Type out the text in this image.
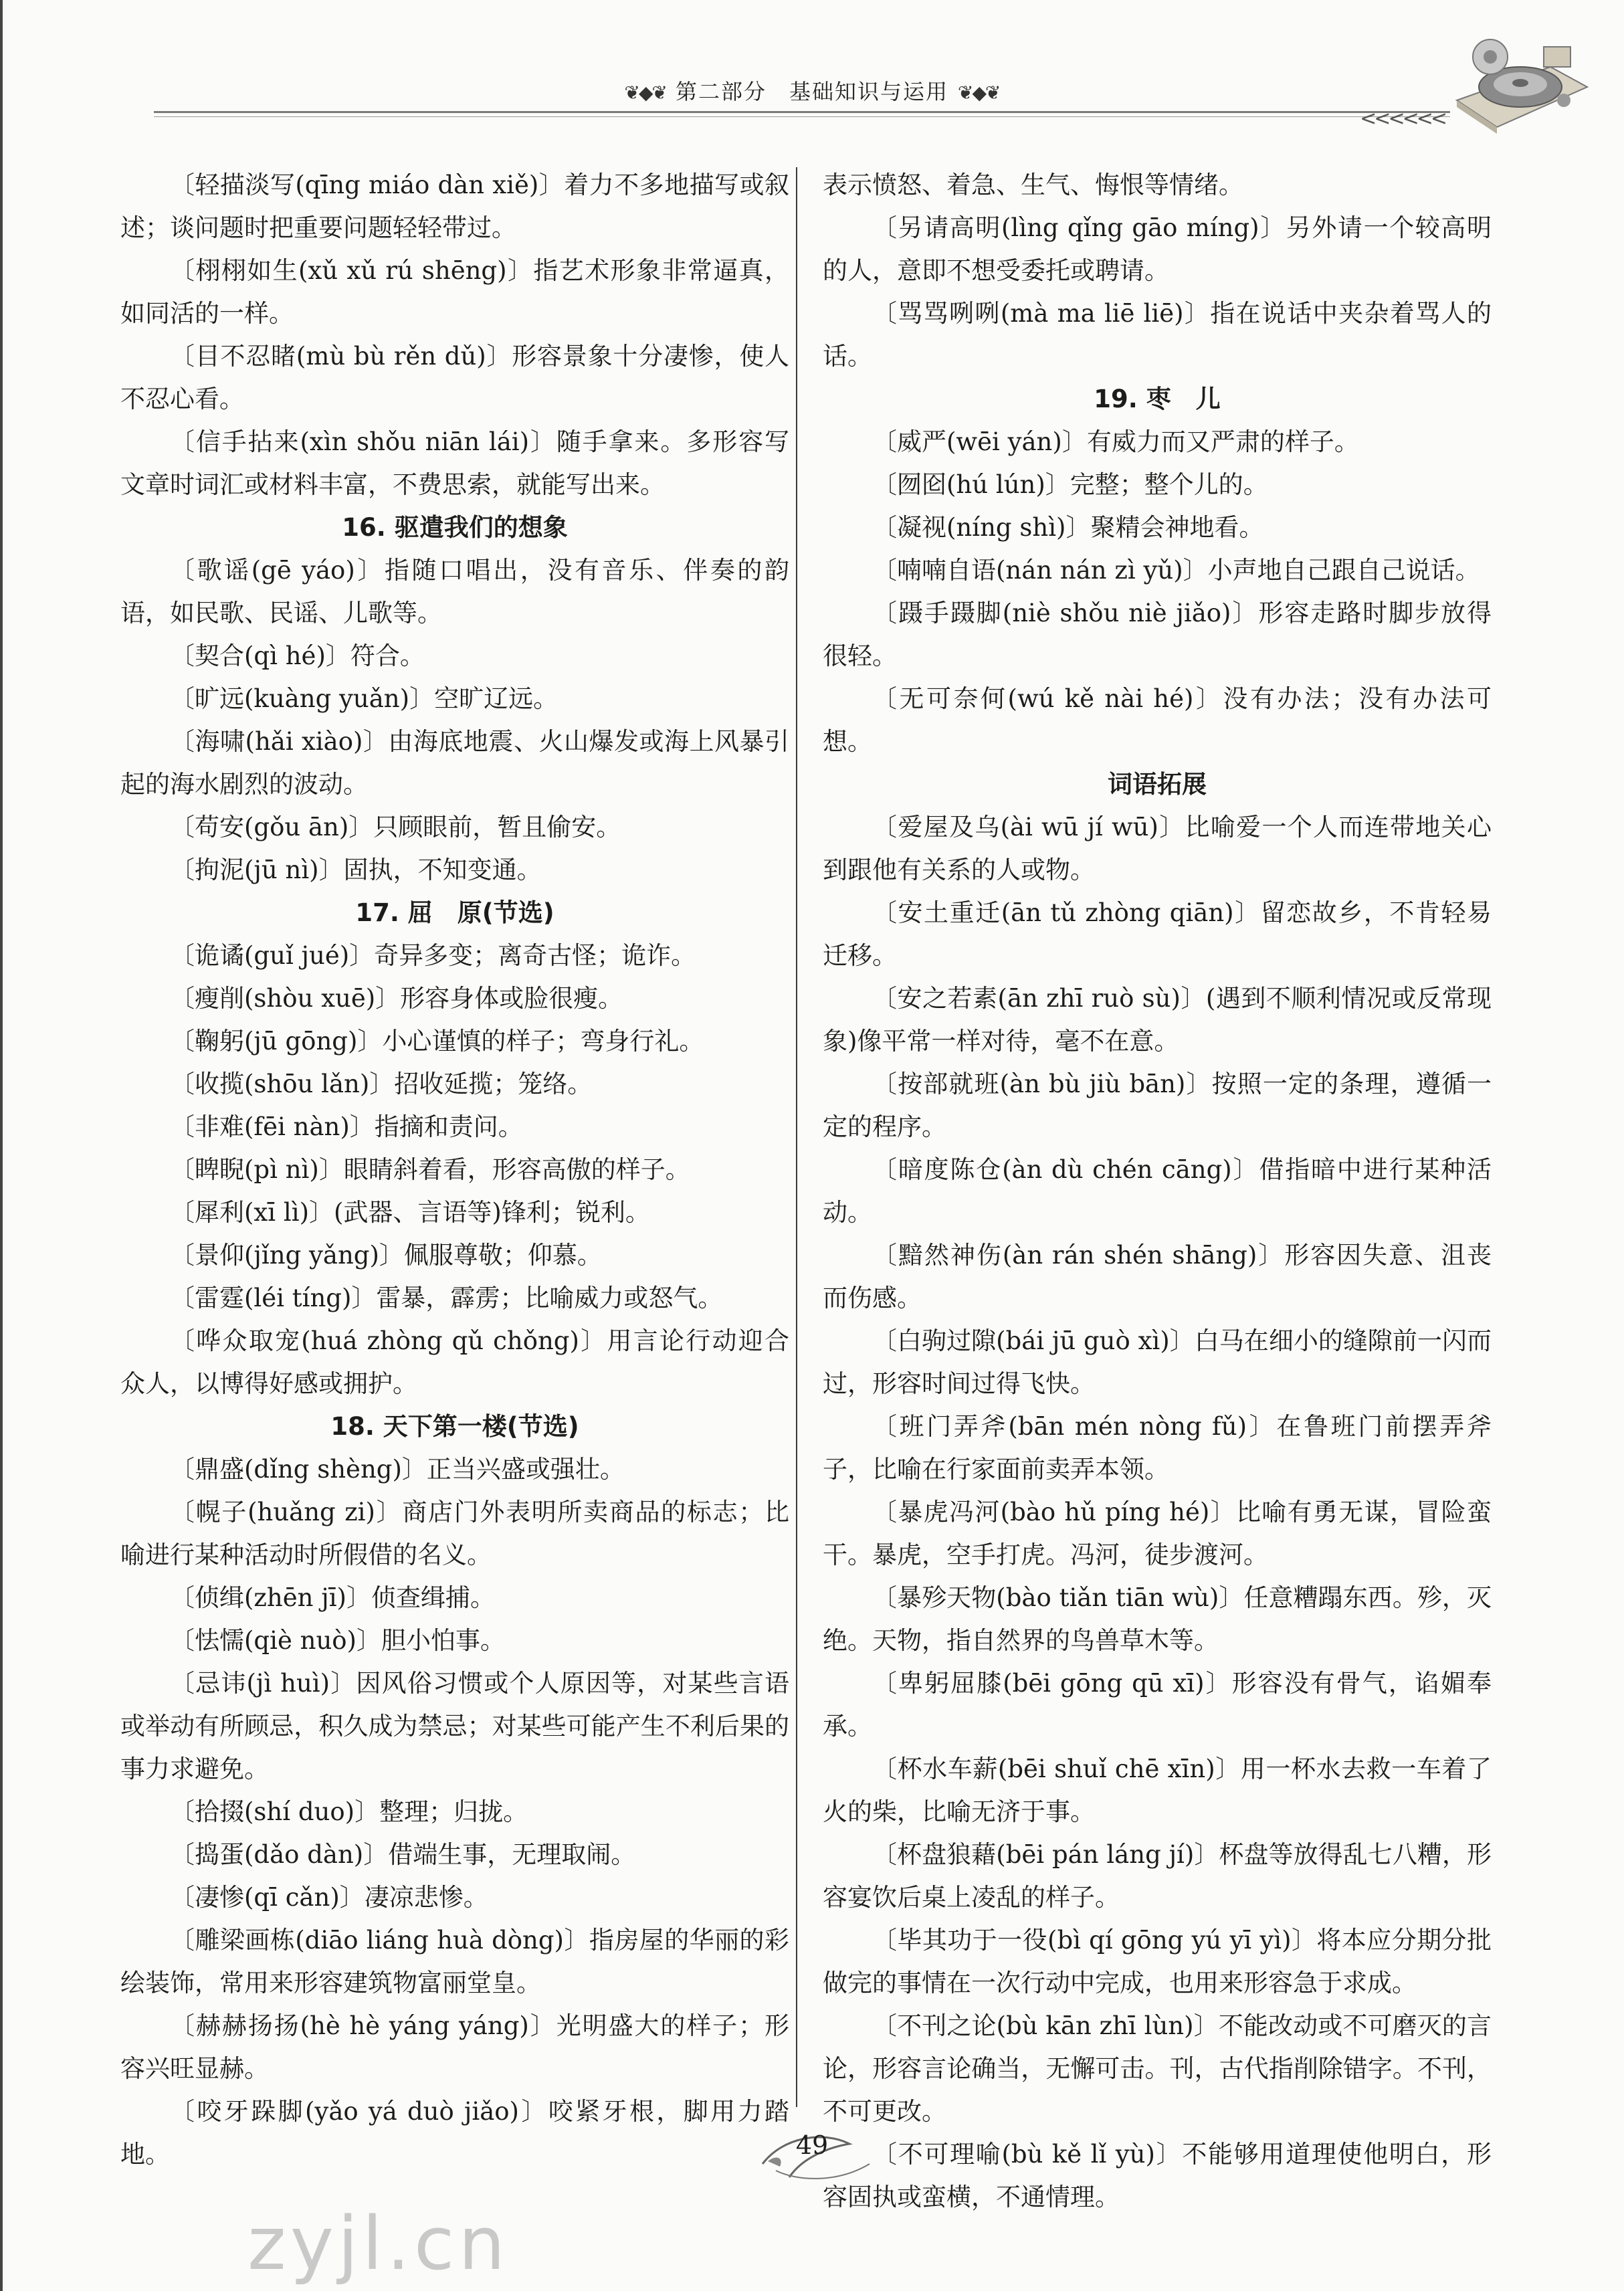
❦◆❦ 第二部分　基础知识与运用 ❦◆❦
<<<<<<

〔轻描淡写(qīng miáo dàn xiě)〕着力不多地描写或叙述；谈问题时把重要问题轻轻带过。

〔栩栩如生(xǔ xǔ rú shēng)〕指艺术形象非常逼真，如同活的一样。

〔目不忍睹(mù bù rěn dǔ)〕形容景象十分凄惨，使人不忍心看。

〔信手拈来(xìn shǒu niān lái)〕随手拿来。多形容写文章时词汇或材料丰富，不费思索，就能写出来。

16. 驱遣我们的想象

〔歌谣(gē yáo)〕指随口唱出，没有音乐、伴奏的韵语，如民歌、民谣、儿歌等。

〔契合(qì hé)〕符合。

〔旷远(kuàng yuǎn)〕空旷辽远。

〔海啸(hǎi xiào)〕由海底地震、火山爆发或海上风暴引起的海水剧烈的波动。

〔苟安(gǒu ān)〕只顾眼前，暂且偷安。

〔拘泥(jū nì)〕固执，不知变通。

17. 屈　原(节选)

〔诡谲(guǐ jué)〕奇异多变；离奇古怪；诡诈。

〔瘦削(shòu xuē)〕形容身体或脸很瘦。

〔鞠躬(jū gōng)〕小心谨慎的样子；弯身行礼。

〔收揽(shōu lǎn)〕招收延揽；笼络。

〔非难(fēi nàn)〕指摘和责问。

〔睥睨(pì nì)〕眼睛斜着看，形容高傲的样子。

〔犀利(xī lì)〕(武器、言语等)锋利；锐利。

〔景仰(jǐng yǎng)〕佩服尊敬；仰慕。

〔雷霆(léi tíng)〕雷暴，霹雳；比喻威力或怒气。

〔哗众取宠(huá zhòng qǔ chǒng)〕用言论行动迎合众人，以博得好感或拥护。

18. 天下第一楼(节选)

〔鼎盛(dǐng shèng)〕正当兴盛或强壮。

〔幌子(huǎng zi)〕商店门外表明所卖商品的标志；比喻进行某种活动时所假借的名义。

〔侦缉(zhēn jī)〕侦查缉捕。

〔怯懦(qiè nuò)〕胆小怕事。

〔忌讳(jì huì)〕因风俗习惯或个人原因等，对某些言语或举动有所顾忌，积久成为禁忌；对某些可能产生不利后果的事力求避免。

〔拾掇(shí duo)〕整理；归拢。

〔捣蛋(dǎo dàn)〕借端生事，无理取闹。

〔凄惨(qī cǎn)〕凄凉悲惨。

〔雕梁画栋(diāo liáng huà dòng)〕指房屋的华丽的彩绘装饰，常用来形容建筑物富丽堂皇。

〔赫赫扬扬(hè hè yáng yáng)〕光明盛大的样子；形容兴旺显赫。

〔咬牙跺脚(yǎo yá duò jiǎo)〕咬紧牙根，脚用力踏地。

表示愤怒、着急、生气、悔恨等情绪。

〔另请高明(lìng qǐng gāo míng)〕另外请一个较高明的人，意即不想受委托或聘请。

〔骂骂咧咧(mà ma liē liē)〕指在说话中夹杂着骂人的话。

19. 枣　儿

〔威严(wēi yán)〕有威力而又严肃的样子。

〔囫囵(hú lún)〕完整；整个儿的。

〔凝视(níng shì)〕聚精会神地看。

〔喃喃自语(nán nán zì yǔ)〕小声地自己跟自己说话。

〔蹑手蹑脚(niè shǒu niè jiǎo)〕形容走路时脚步放得很轻。

〔无可奈何(wú kě nài hé)〕没有办法；没有办法可想。

词语拓展

〔爱屋及乌(ài wū jí wū)〕比喻爱一个人而连带地关心到跟他有关系的人或物。

〔安土重迁(ān tǔ zhòng qiān)〕留恋故乡，不肯轻易迁移。

〔安之若素(ān zhī ruò sù)〕(遇到不顺利情况或反常现象)像平常一样对待，毫不在意。

〔按部就班(àn bù jiù bān)〕按照一定的条理，遵循一定的程序。

〔暗度陈仓(àn dù chén cāng)〕借指暗中进行某种活动。

〔黯然神伤(àn rán shén shāng)〕形容因失意、沮丧而伤感。

〔白驹过隙(bái jū guò xì)〕白马在细小的缝隙前一闪而过，形容时间过得飞快。

〔班门弄斧(bān mén nòng fǔ)〕在鲁班门前摆弄斧子，比喻在行家面前卖弄本领。

〔暴虎冯河(bào hǔ píng hé)〕比喻有勇无谋，冒险蛮干。暴虎，空手打虎。冯河，徒步渡河。

〔暴殄天物(bào tiǎn tiān wù)〕任意糟蹋东西。殄，灭绝。天物，指自然界的鸟兽草木等。

〔卑躬屈膝(bēi gōng qū xī)〕形容没有骨气，谄媚奉承。

〔杯水车薪(bēi shuǐ chē xīn)〕用一杯水去救一车着了火的柴，比喻无济于事。

〔杯盘狼藉(bēi pán láng jí)〕杯盘等放得乱七八糟，形容宴饮后桌上凌乱的样子。

〔毕其功于一役(bì qí gōng yú yī yì)〕将本应分期分批做完的事情在一次行动中完成，也用来形容急于求成。

〔不刊之论(bù kān zhī lùn)〕不能改动或不可磨灭的言论，形容言论确当，无懈可击。刊，古代指削除错字。不刊，不可更改。

〔不可理喻(bù kě lǐ yù)〕不能够用道理使他明白，形容固执或蛮横，不通情理。

49
zyjl.cn
